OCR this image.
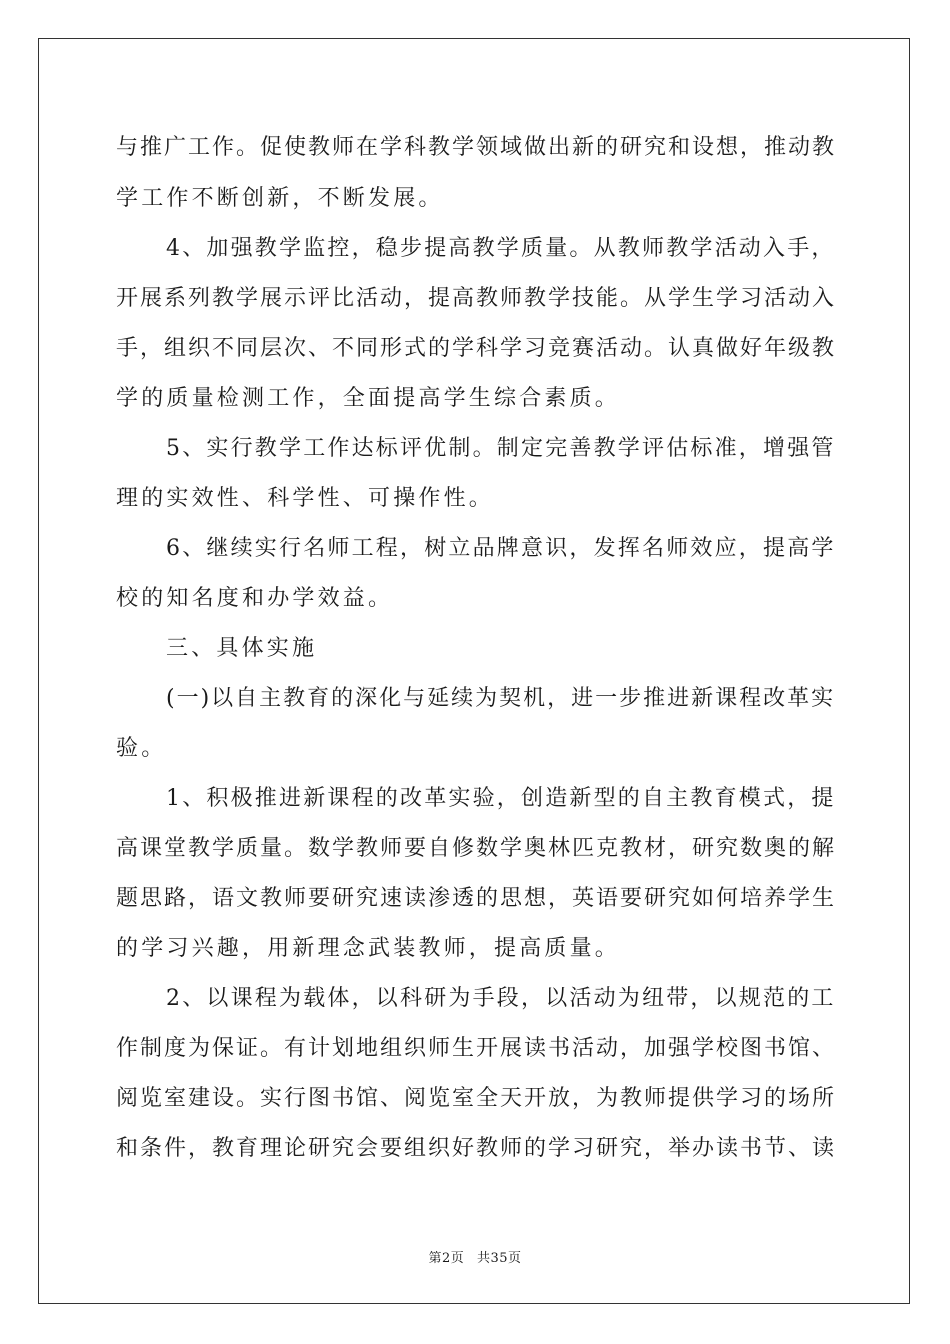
与推广工作。促使教师在学科教学领域做出新的研究和设想，推动教
学工作不断创新，不断发展。
4、加强教学监控，稳步提高教学质量。从教师教学活动入手，
开展系列教学展示评比活动，提高教师教学技能。从学生学习活动入
手，组织不同层次、不同形式的学科学习竞赛活动。认真做好年级教
学的质量检测工作，全面提高学生综合素质。
5、实行教学工作达标评优制。制定完善教学评估标准，增强管
理的实效性、科学性、可操作性。
6、继续实行名师工程，树立品牌意识，发挥名师效应，提高学
校的知名度和办学效益。
三、具体实施
(一)以自主教育的深化与延续为契机，进一步推进新课程改革实
验。
1、积极推进新课程的改革实验，创造新型的自主教育模式，提
高课堂教学质量。数学教师要自修数学奥林匹克教材，研究数奥的解
题思路，语文教师要研究速读渗透的思想，英语要研究如何培养学生
的学习兴趣，用新理念武装教师，提高质量。
2、以课程为载体，以科研为手段，以活动为纽带，以规范的工
作制度为保证。有计划地组织师生开展读书活动，加强学校图书馆、
阅览室建设。实行图书馆、阅览室全天开放，为教师提供学习的场所
和条件，教育理论研究会要组织好教师的学习研究，举办读书节、读
第2页 共35页
